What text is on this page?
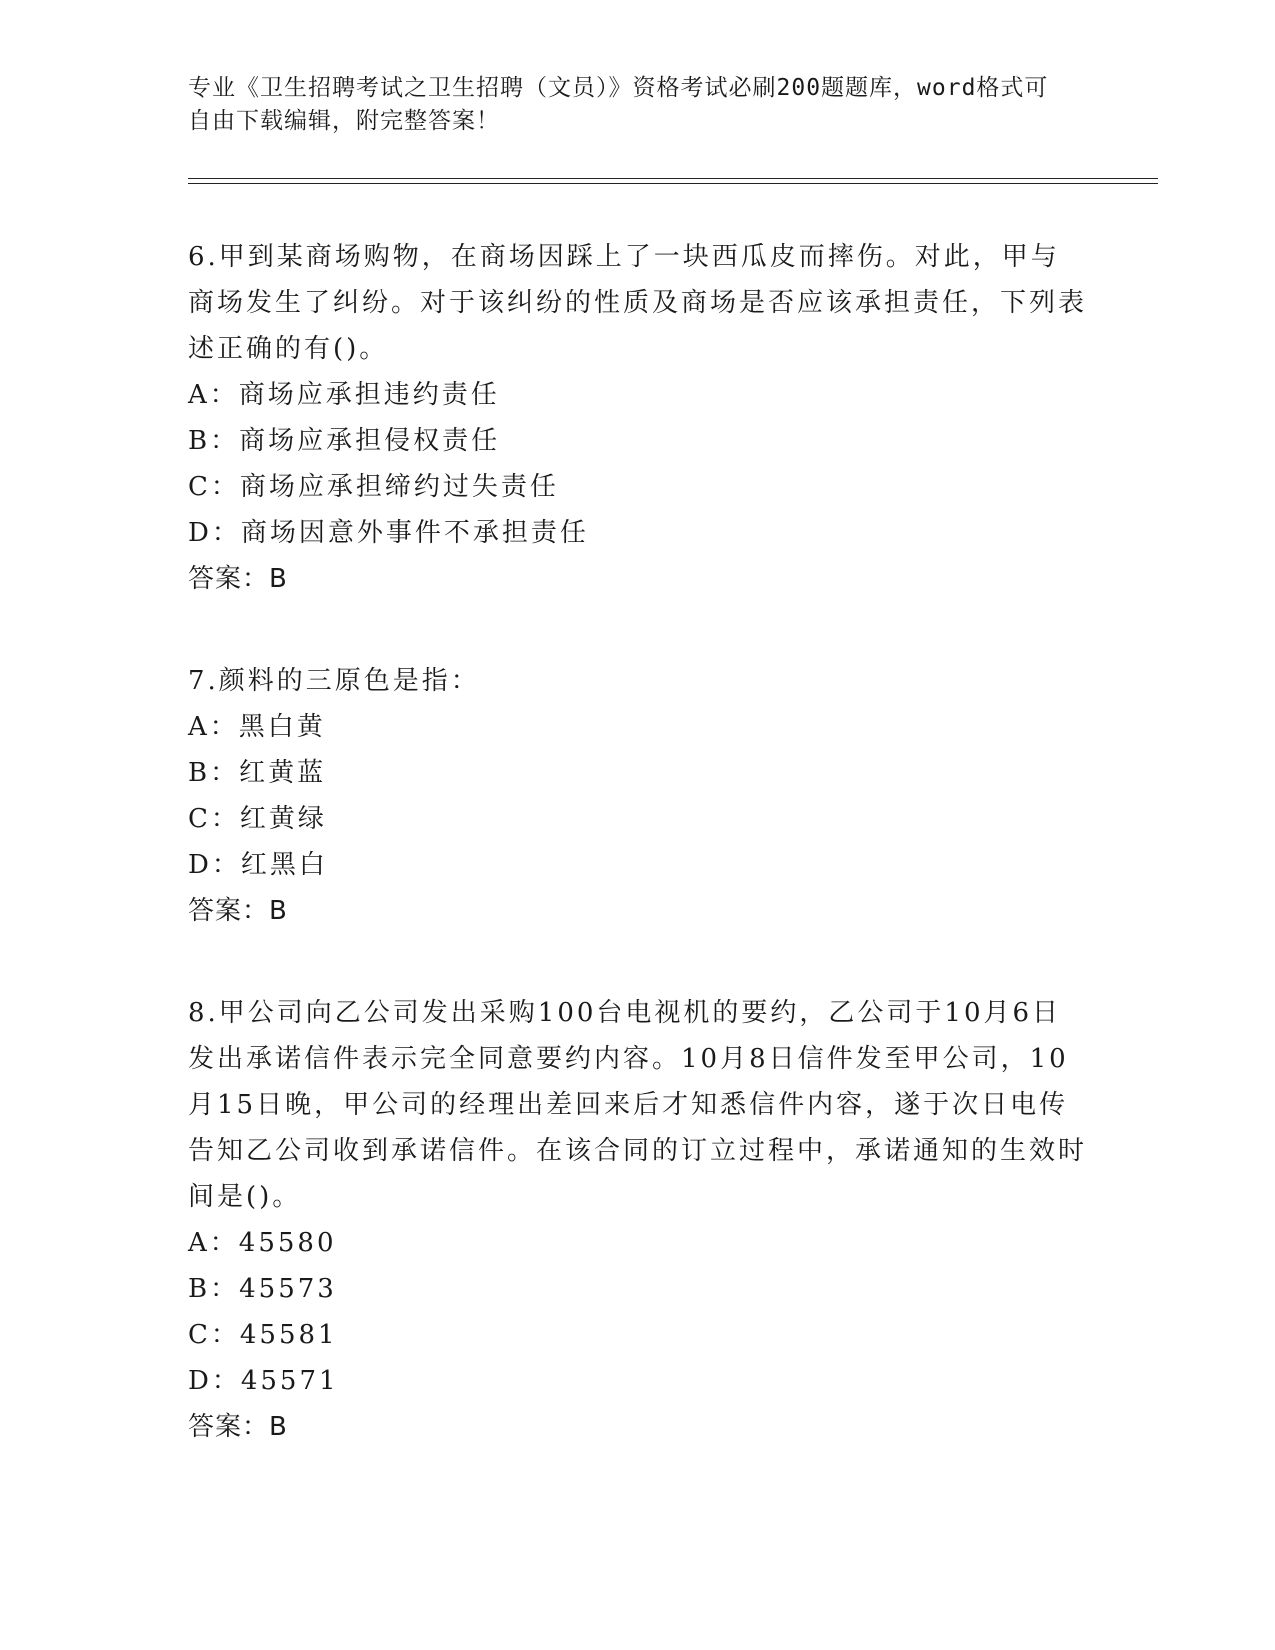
专业《卫生招聘考试之卫生招聘（文员）》资格考试必刷200题题库，word格式可自由下载编辑，附完整答案！
6.甲到某商场购物，在商场因踩上了一块西瓜皮而摔伤。对此，甲与商场发生了纠纷。对于该纠纷的性质及商场是否应该承担责任，下列表述正确的有()。
A：商场应承担违约责任
B：商场应承担侵权责任
C：商场应承担缔约过失责任
D：商场因意外事件不承担责任
答案：B
7.颜料的三原色是指：
A：黑白黄
B：红黄蓝
C：红黄绿
D：红黑白
答案：B
8.甲公司向乙公司发出采购100台电视机的要约，乙公司于10月6日发出承诺信件表示完全同意要约内容。10月8日信件发至甲公司，10月15日晚，甲公司的经理出差回来后才知悉信件内容，遂于次日电传告知乙公司收到承诺信件。在该合同的订立过程中，承诺通知的生效时间是()。
A：45580
B：45573
C：45581
D：45571
答案：B
